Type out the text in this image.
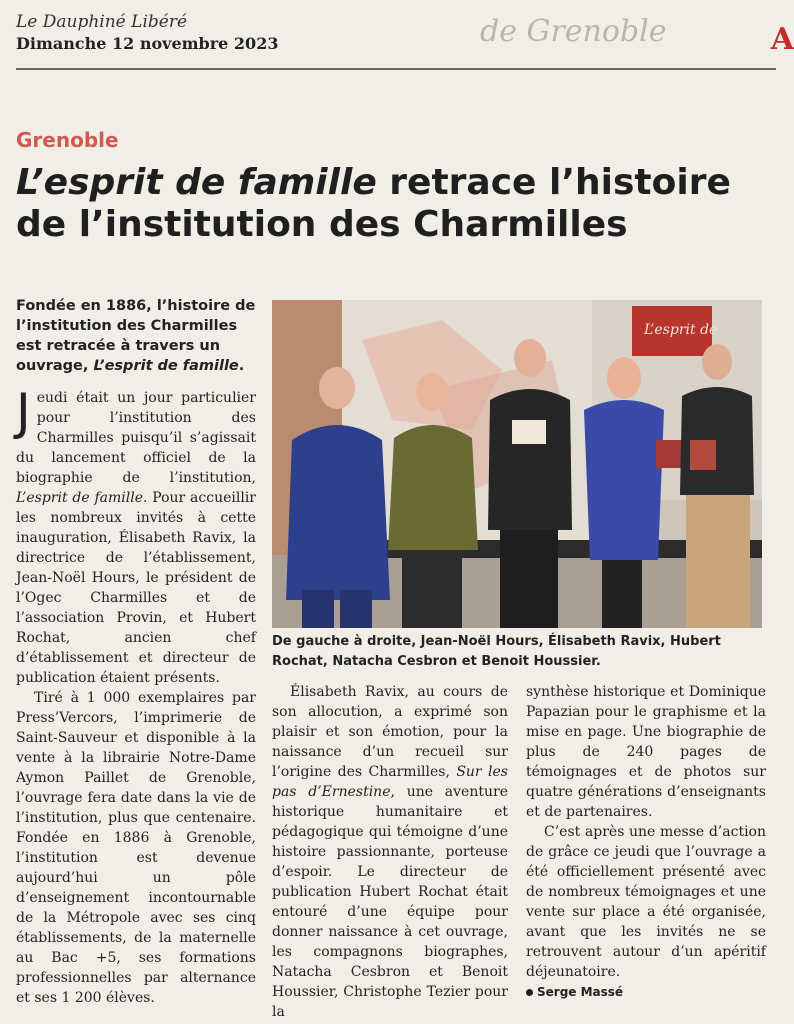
Le Dauphiné Libéré
Dimanche 12 novembre 2023	de Grenoble	A
Grenoble
L’esprit de famille retrace l’histoire de l’institution des Charmilles

Fondée en 1886, l’histoire de l’institution des Charmilles est retracée à travers un ouvrage, L’esprit de famille.

L’esprit de

De gauche à droite, Jean-Noël Hours, Élisabeth Ravix, Hubert Rochat, Natacha Cesbron et Benoit Houssier.

Jeudi était un jour particulier pour l’institution des Charmilles puisqu’il s’agissait du lancement officiel de la biographie de l’institution, L’esprit de famille. Pour accueillir les nombreux invités à cette inauguration, Élisabeth Ravix, la directrice de l’établissement, Jean-Noël Hours, le président de l’Ogec Charmilles et de l’association Provin, et Hubert Rochat, ancien chef d’établissement et directeur de publication étaient présents.

Tiré à 1 000 exemplaires par Press’Vercors, l’imprimerie de Saint-Sauveur et disponible à la vente à la librairie Notre-Dame Aymon Paillet de Grenoble, l’ouvrage fera date dans la vie de l’institution, plus que centenaire. Fondée en 1886 à Grenoble, l’institution est devenue aujourd’hui un pôle d’enseignement incontournable de la Métropole avec ses cinq établissements, de la maternelle au Bac +5, ses formations professionnelles par alternance et ses 1 200 élèves.

Élisabeth Ravix, au cours de son allocution, a exprimé son plaisir et son émotion, pour la naissance d’un recueil sur l’origine des Charmilles, Sur les pas d’Ernestine, une aventure historique humanitaire et pédagogique qui témoigne d’une histoire passionnante, porteuse d’espoir. Le directeur de publication Hubert Rochat était entouré d’une équipe pour donner naissance à cet ouvrage, les compagnons biographes, Natacha Cesbron et Benoit Houssier, Christophe Tezier pour la

synthèse historique et Dominique Papazian pour le graphisme et la mise en page. Une biographie de plus de 240 pages de témoignages et de photos sur quatre générations d’enseignants et de partenaires.

C’est après une messe d’action de grâce ce jeudi que l’ouvrage a été officiellement présenté avec de nombreux témoignages et une vente sur place a été organisée, avant que les invités ne se retrouvent autour d’un apéritif déjeunatoire.

Serge Massé
